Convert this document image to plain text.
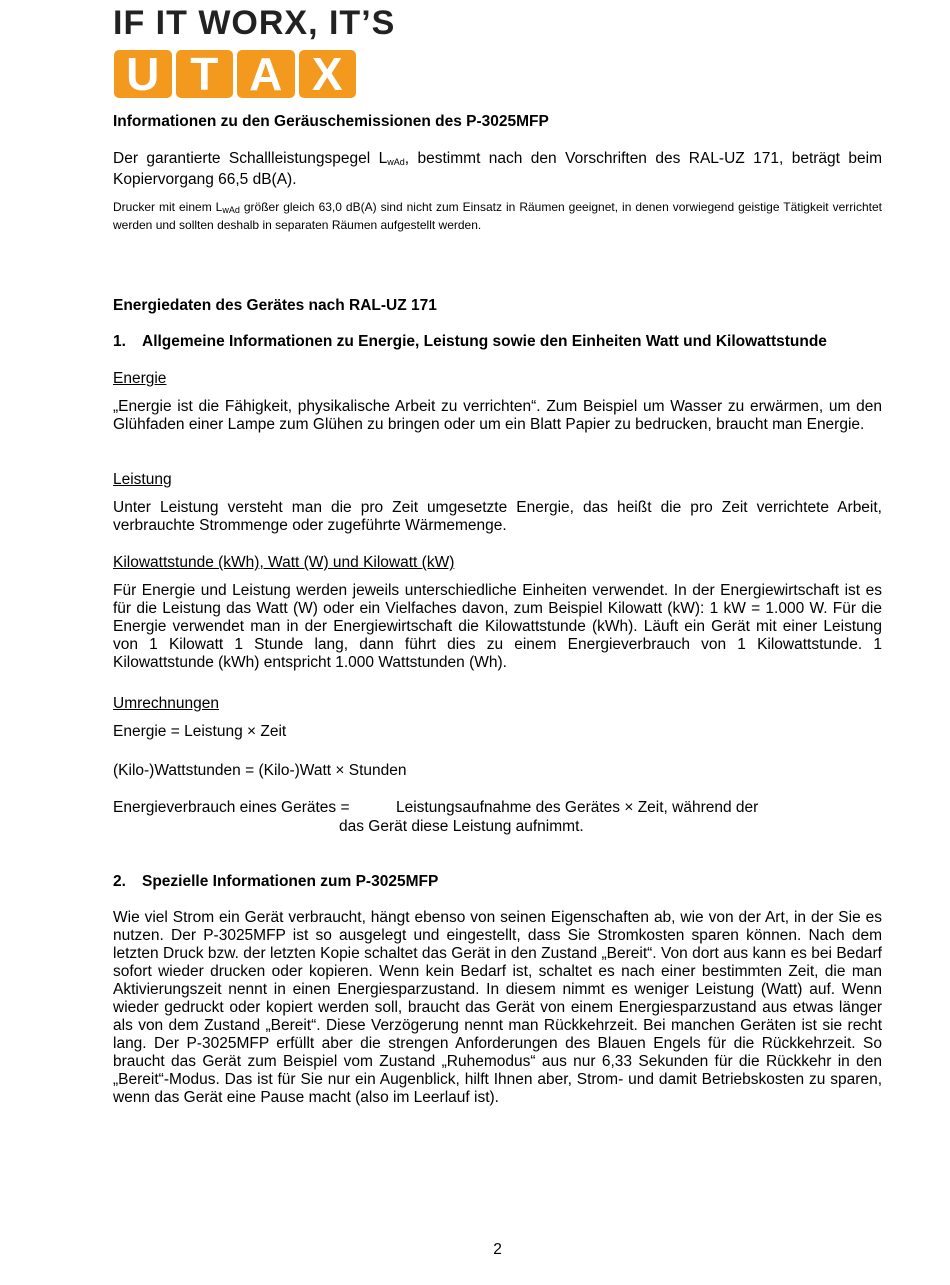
IF IT WORX, IT’S
U T A X
Informationen zu den Geräuschemissionen des P-3025MFP
Der garantierte Schallleistungspegel $L_{wAd}$, bestimmt nach den Vorschriften des RAL-UZ 171, beträgt beim Kopiervorgang 66,5 dB(A).
Drucker mit einem $L_{wAd}$ größer gleich 63,0 dB(A) sind nicht zum Einsatz in Räumen geeignet, in denen vorwiegend geistige Tätigkeit verrichtet werden und sollten deshalb in separaten Räumen aufgestellt werden.
Energiedaten des Gerätes nach RAL-UZ 171
1. Allgemeine Informationen zu Energie, Leistung sowie den Einheiten Watt und Kilowattstunde
Energie
„Energie ist die Fähigkeit, physikalische Arbeit zu verrichten“. Zum Beispiel um Wasser zu erwärmen, um den Glühfaden einer Lampe zum Glühen zu bringen oder um ein Blatt Papier zu bedrucken, braucht man Energie.
Leistung
Unter Leistung versteht man die pro Zeit umgesetzte Energie, das heißt die pro Zeit verrichtete Arbeit, verbrauchte Strommenge oder zugeführte Wärmemenge.
Kilowattstunde (kWh), Watt (W) und Kilowatt (kW)
Für Energie und Leistung werden jeweils unterschiedliche Einheiten verwendet. In der Energiewirtschaft ist es für die Leistung das Watt (W) oder ein Vielfaches davon, zum Beispiel Kilowatt (kW): 1 kW = 1.000 W. Für die Energie verwendet man in der Energiewirtschaft die Kilowattstunde (kWh). Läuft ein Gerät mit einer Leistung von 1 Kilowatt 1 Stunde lang, dann führt dies zu einem Energieverbrauch von 1 Kilowattstunde. 1 Kilowattstunde (kWh) entspricht 1.000 Wattstunden (Wh).
Umrechnungen
Energie = Leistung × Zeit
(Kilo-)Wattstunden = (Kilo-)Watt × Stunden
Energieverbrauch eines Gerätes =	Leistungsaufnahme des Gerätes × Zeit, während der
das Gerät diese Leistung aufnimmt.
2. Spezielle Informationen zum P-3025MFP
Wie viel Strom ein Gerät verbraucht, hängt ebenso von seinen Eigenschaften ab, wie von der Art, in der Sie es nutzen. Der P-3025MFP ist so ausgelegt und eingestellt, dass Sie Stromkosten sparen können. Nach dem letzten Druck bzw. der letzten Kopie schaltet das Gerät in den Zustand „Bereit“. Von dort aus kann es bei Bedarf sofort wieder drucken oder kopieren. Wenn kein Bedarf ist, schaltet es nach einer bestimmten Zeit, die man Aktivierungszeit nennt in einen Energiesparzustand. In diesem nimmt es weniger Leistung (Watt) auf. Wenn wieder gedruckt oder kopiert werden soll, braucht das Gerät von einem Energiesparzustand aus etwas länger als von dem Zustand „Bereit“. Diese Verzögerung nennt man Rückkehrzeit. Bei manchen Geräten ist sie recht lang. Der P-3025MFP erfüllt aber die strengen Anforderungen des Blauen Engels für die Rückkehrzeit. So braucht das Gerät zum Beispiel vom Zustand „Ruhemodus“ aus nur 6,33 Sekunden für die Rückkehr in den „Bereit“-Modus. Das ist für Sie nur ein Augenblick, hilft Ihnen aber, Strom- und damit Betriebskosten zu sparen, wenn das Gerät eine Pause macht (also im Leerlauf ist).
2
